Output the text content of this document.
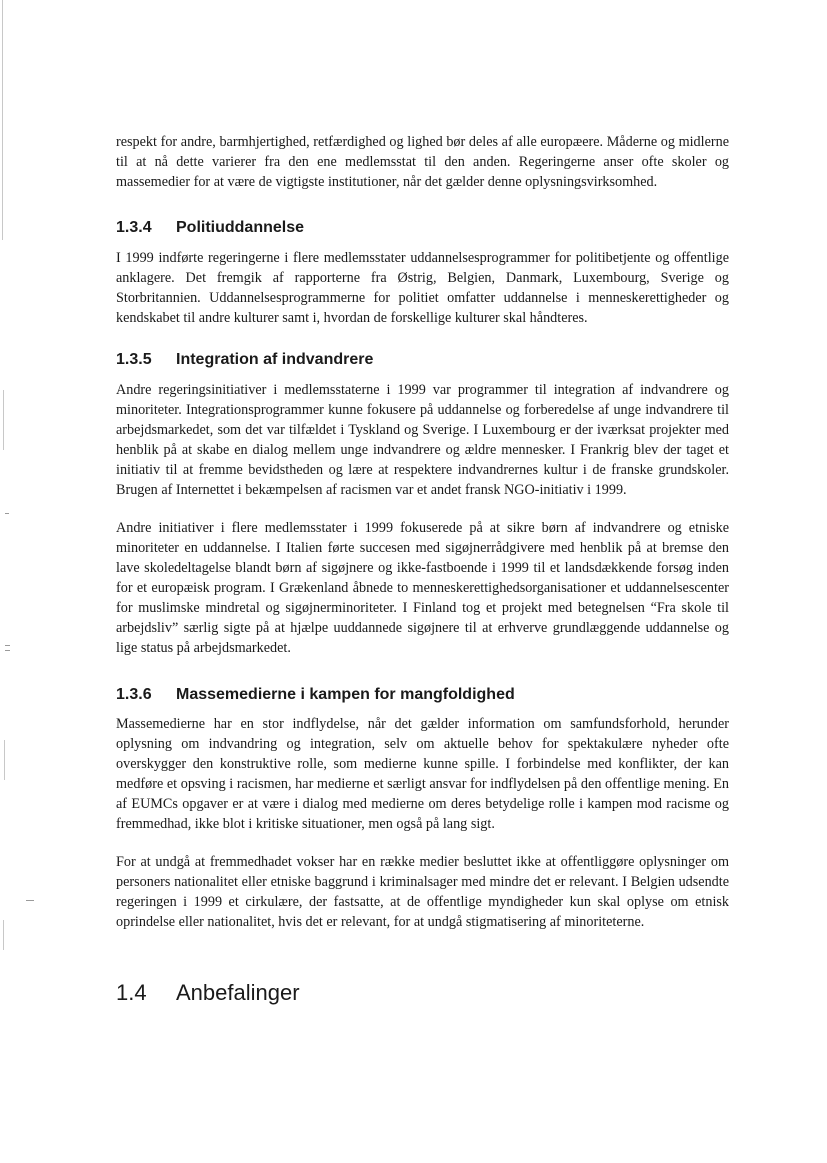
respekt for andre, barmhjertighed, retfærdighed og lighed bør deles af alle europæere. Måderne og midlerne til at nå dette varierer fra den ene medlemsstat til den anden. Regeringerne anser ofte skoler og massemedier for at være de vigtigste institutioner, når det gælder denne oplysningsvirksomhed.

1.3.4 Politiuddannelse

I 1999 indførte regeringerne i flere medlemsstater uddannelsesprogrammer for politibetjente og offentlige anklagere. Det fremgik af rapporterne fra Østrig, Belgien, Danmark, Luxembourg, Sverige og Storbritannien. Uddannelsesprogrammerne for politiet omfatter uddannelse i menneskerettigheder og kendskabet til andre kulturer samt i, hvordan de forskellige kulturer skal håndteres.

1.3.5 Integration af indvandrere

Andre regeringsinitiativer i medlemsstaterne i 1999 var programmer til integration af indvandrere og minoriteter. Integrationsprogrammer kunne fokusere på uddannelse og forberedelse af unge indvandrere til arbejdsmarkedet, som det var tilfældet i Tyskland og Sverige. I Luxembourg er der iværksat projekter med henblik på at skabe en dialog mellem unge indvandrere og ældre mennesker. I Frankrig blev der taget et initiativ til at fremme bevidstheden og lære at respektere indvandrernes kultur i de franske grundskoler. Brugen af Internettet i bekæmpelsen af racismen var et andet fransk NGO-initiativ i 1999.

Andre initiativer i flere medlemsstater i 1999 fokuserede på at sikre børn af indvandrere og etniske minoriteter en uddannelse. I Italien førte succesen med sigøjnerrådgivere med henblik på at bremse den lave skoledeltagelse blandt børn af sigøjnere og ikke-fastboende i 1999 til et landsdækkende forsøg inden for et europæisk program. I Grækenland åbnede to menneskerettighedsorganisationer et uddannelsescenter for muslimske mindretal og sigøjnerminoriteter. I Finland tog et projekt med betegnelsen “Fra skole til arbejdsliv” særlig sigte på at hjælpe uuddannede sigøjnere til at erhverve grundlæggende uddannelse og lige status på arbejdsmarkedet.

1.3.6 Massemedierne i kampen for mangfoldighed

Massemedierne har en stor indflydelse, når det gælder information om samfundsforhold, herunder oplysning om indvandring og integration, selv om aktuelle behov for spektakulære nyheder ofte overskygger den konstruktive rolle, som medierne kunne spille. I forbindelse med konflikter, der kan medføre et opsving i racismen, har medierne et særligt ansvar for indflydelsen på den offentlige mening. En af EUMCs opgaver er at være i dialog med medierne om deres betydelige rolle i kampen mod racisme og fremmedhad, ikke blot i kritiske situationer, men også på lang sigt.

For at undgå at fremmedhadet vokser har en række medier besluttet ikke at offentliggøre oplysninger om personers nationalitet eller etniske baggrund i kriminalsager med mindre det er relevant. I Belgien udsendte regeringen i 1999 et cirkulære, der fastsatte, at de offentlige myndigheder kun skal oplyse om etnisk oprindelse eller nationalitet, hvis det er relevant, for at undgå stigmatisering af minoriteterne.

1.4 Anbefalinger
